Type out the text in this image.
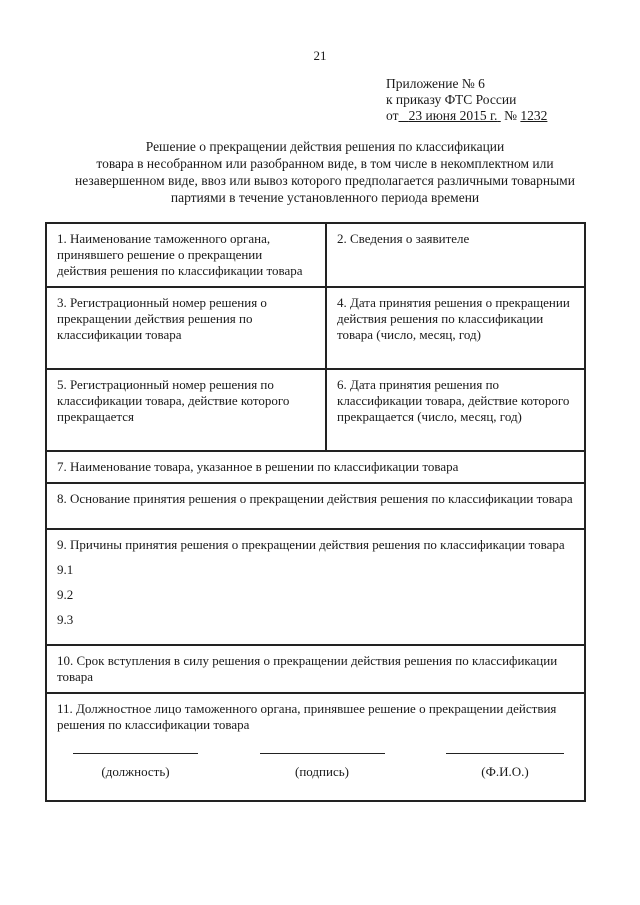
21
Приложение № 6
к приказу ФТС России
от 23 июня 2015 г. № 1232
Решение о прекращении действия решения по классификации
товара в несобранном или разобранном виде, в том числе в некомплектном или
незавершенном виде, ввоз или вывоз которого предполагается различными товарными
партиями в течение установленного периода времени
1. Наименование таможенного органа, принявшего решение о прекращении действия решения по классификации товара	2. Сведения о заявителе
3. Регистрационный номер решения о прекращении действия решения по классификации товара	4. Дата принятия решения о прекращении действия решения по классификации товара (число, месяц, год)
5. Регистрационный номер решения по классификации товара, действие которого прекращается	6. Дата принятия решения по классификации товара, действие которого прекращается (число, месяц, год)
7. Наименование товара, указанное в решении по классификации товара	
8. Основание принятия решения о прекращении действия решения по классификации товара	

9. Причины принятия решения о прекращении действия решения по классификации товара
9.1
9.2
9.3	

10. Срок вступления в силу решения о прекращении действия решения по классификации товара	

11. Должностное лицо таможенного органа, принявшее решение о прекращении действия решения по классификации товара
(должность) (подпись) (Ф.И.О.)	
